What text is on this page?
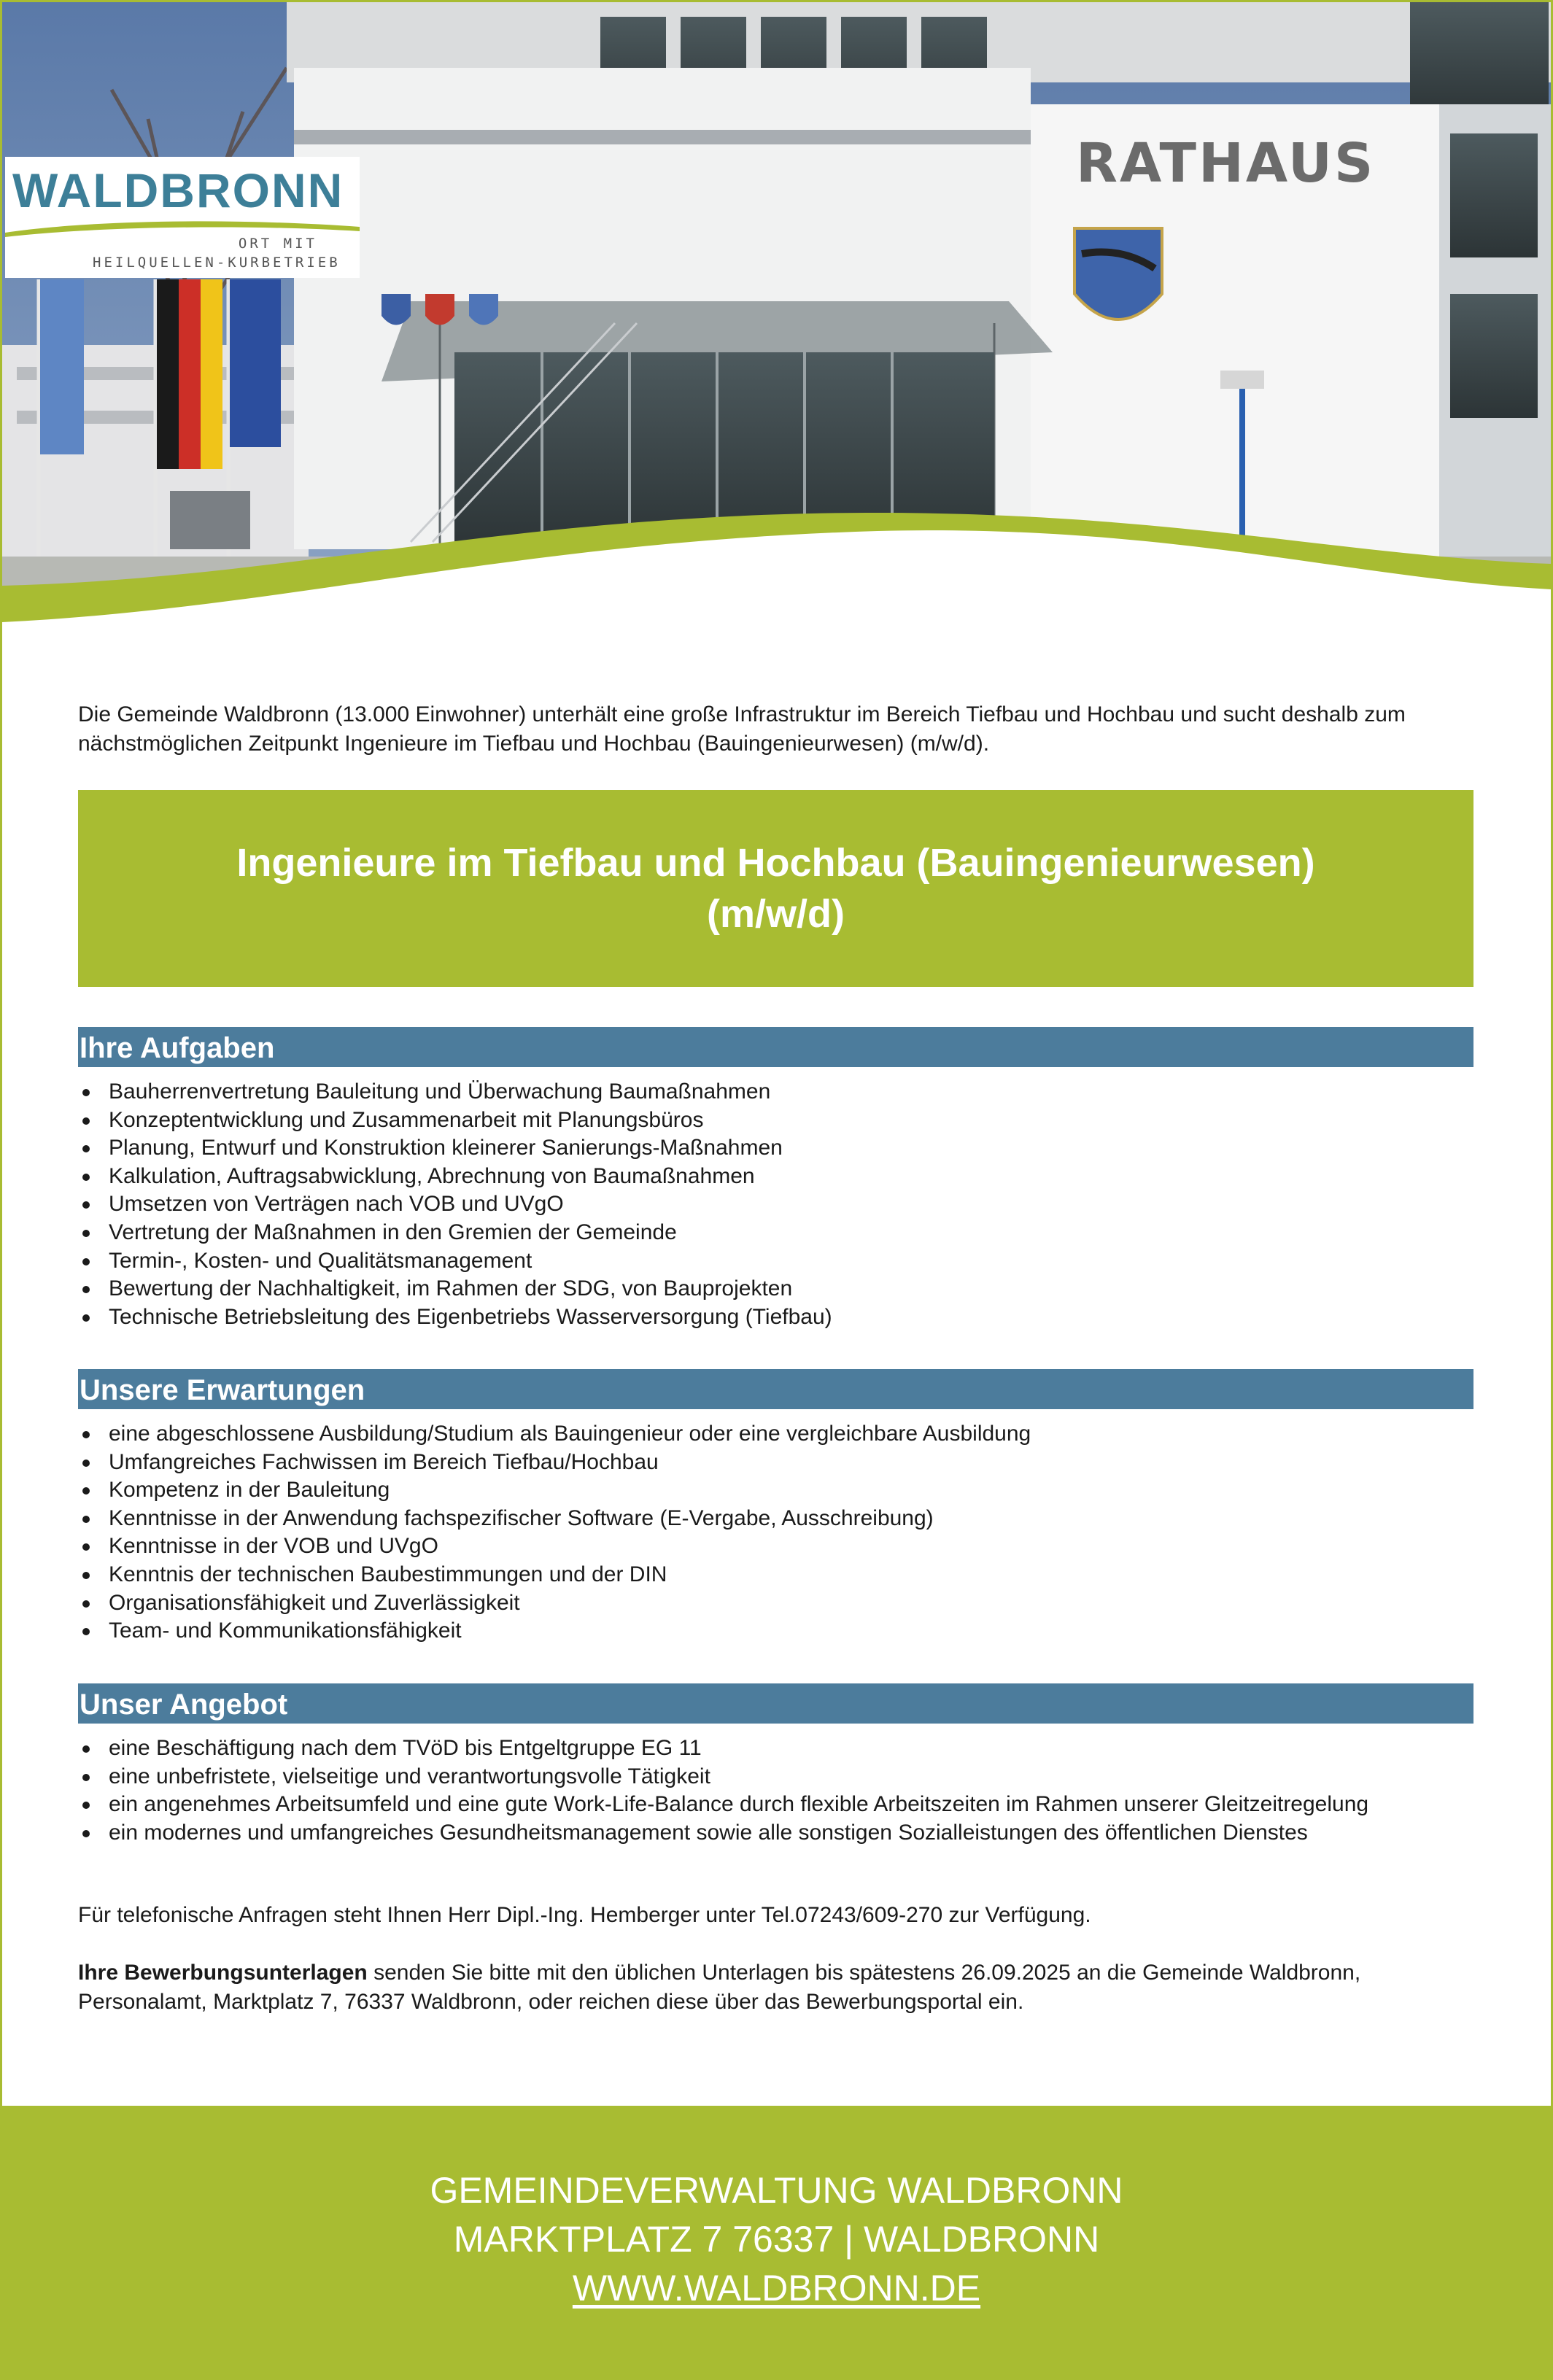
WALDBRONN
ORT MIT
HEILQUELLEN-KURBETRIEB
RATHAUS
Die Gemeinde Waldbronn (13.000 Einwohner) unterhält eine große Infrastruktur im Bereich Tiefbau und Hochbau und sucht deshalb zum nächstmöglichen Zeitpunkt Ingenieure im Tiefbau und Hochbau (Bauingenieurwesen) (m/w/d).
Ingenieure im Tiefbau und Hochbau (Bauingenieurwesen)
(m/w/d)
Ihre Aufgaben
Bauherrenvertretung Bauleitung und Überwachung Baumaßnahmen
Konzeptentwicklung und Zusammenarbeit mit Planungsbüros
Planung, Entwurf und Konstruktion kleinerer Sanierungs-Maßnahmen
Kalkulation, Auftragsabwicklung, Abrechnung von Baumaßnahmen
Umsetzen von Verträgen nach VOB und UVgO
Vertretung der Maßnahmen in den Gremien der Gemeinde
Termin-, Kosten- und Qualitätsmanagement
Bewertung der Nachhaltigkeit, im Rahmen der SDG, von Bauprojekten
Technische Betriebsleitung des Eigenbetriebs Wasserversorgung (Tiefbau)
Unsere Erwartungen
eine abgeschlossene Ausbildung/Studium als Bauingenieur oder eine vergleichbare Ausbildung
Umfangreiches Fachwissen im Bereich Tiefbau/Hochbau
Kompetenz in der Bauleitung
Kenntnisse in der Anwendung fachspezifischer Software (E-Vergabe, Ausschreibung)
Kenntnisse in der VOB und UVgO
Kenntnis der technischen Baubestimmungen und der DIN
Organisationsfähigkeit und Zuverlässigkeit
Team- und Kommunikationsfähigkeit
Unser Angebot
eine Beschäftigung nach dem TVöD bis Entgeltgruppe EG 11
eine unbefristete, vielseitige und verantwortungsvolle Tätigkeit
ein angenehmes Arbeitsumfeld und eine gute Work-Life-Balance durch flexible Arbeitszeiten im Rahmen unserer Gleitzeitregelung
ein modernes und umfangreiches Gesundheitsmanagement sowie alle sonstigen Sozialleistungen des öffentlichen Dienstes
Für telefonische Anfragen steht Ihnen Herr Dipl.-Ing. Hemberger unter Tel.07243/609-270 zur Verfügung.
Ihre Bewerbungsunterlagen senden Sie bitte mit den üblichen Unterlagen bis spätestens 26.09.2025 an die Gemeinde Waldbronn, Personalamt, Marktplatz 7, 76337 Waldbronn, oder reichen diese über das Bewerbungsportal ein.
GEMEINDEVERWALTUNG WALDBRONN
MARKTPLATZ 7 76337 | WALDBRONN
WWW.WALDBRONN.DE
